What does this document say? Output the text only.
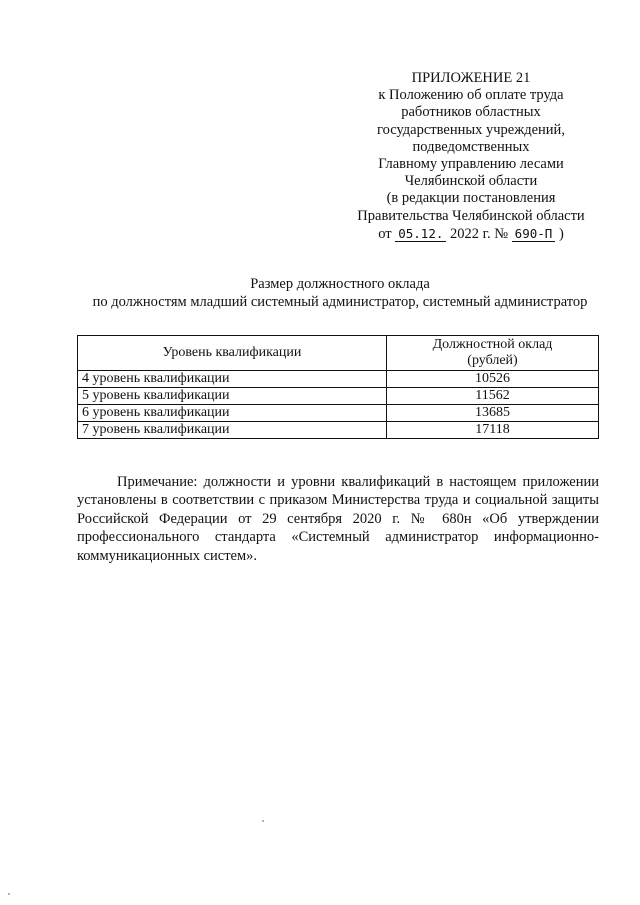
ПРИЛОЖЕНИЕ 21
к Положению об оплате труда
работников областных
государственных учреждений,
подведомственных
Главному управлению лесами
Челябинской области
(в редакции постановления
Правительства Челябинской области
от 05.12. 2022 г. № 690-П )
Размер должностного оклада
по должностям младший системный администратор, системный администратор
Уровень квалификации	Должностной оклад
(рублей)

4 уровень квалификации	10526
5 уровень квалификации	11562
6 уровень квалификации	13685
7 уровень квалификации	17118

Примечание: должности и уровни квалификаций в настоящем приложении установлены в соответствии с приказом Министерства труда и социальной защиты Российской Федерации от 29 сентября 2020 г. № 680н «Об утверждении профессионального стандарта «Системный администратор информационно-коммуникационных систем».
